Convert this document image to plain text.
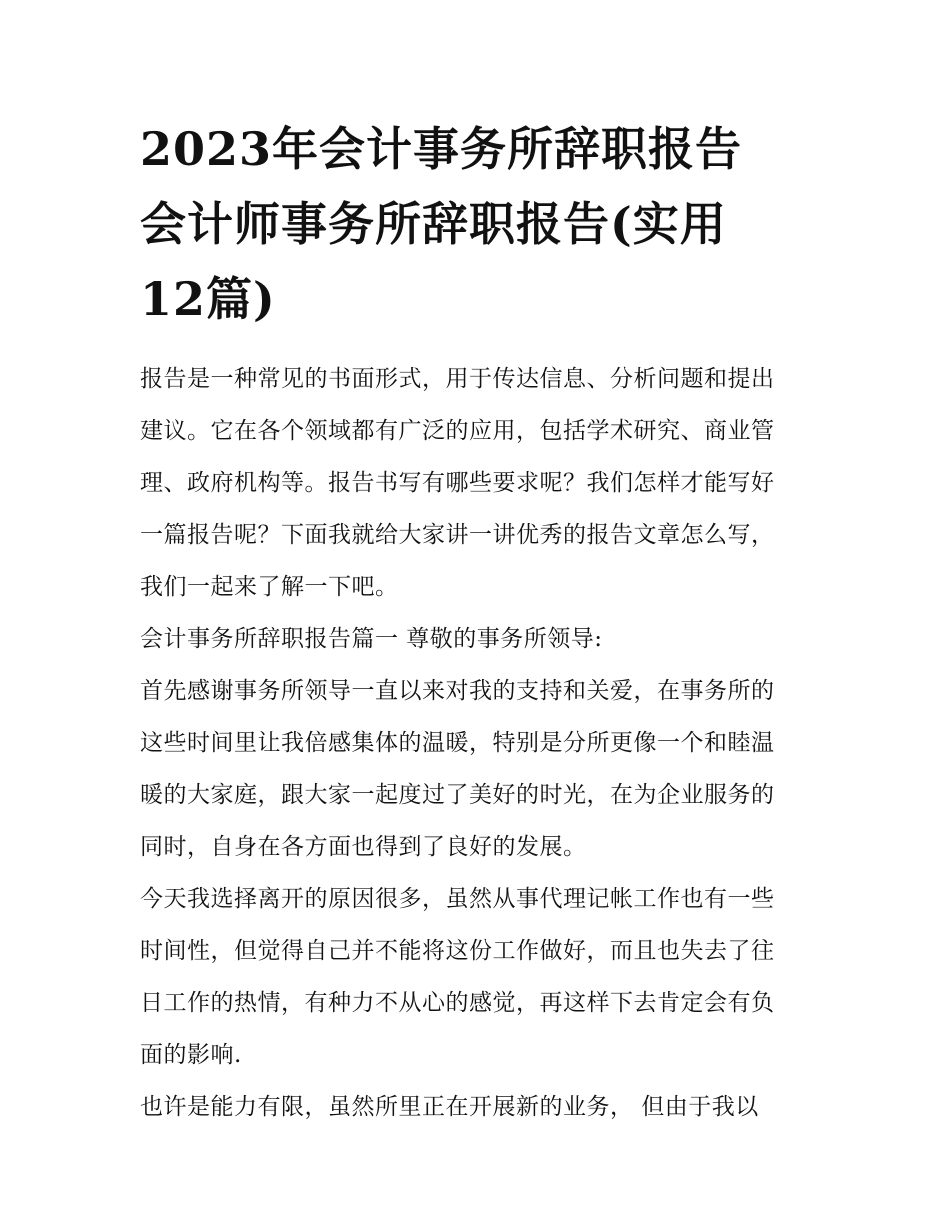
2023年会计事务所辞职报告
会计师事务所辞职报告(实用
12篇)

报告是一种常见的书面形式，用于传达信息、分析问题和提出
建议。它在各个领域都有广泛的应用，包括学术研究、商业管
理、政府机构等。报告书写有哪些要求呢？我们怎样才能写好
一篇报告呢？下面我就给大家讲一讲优秀的报告文章怎么写，
我们一起来了解一下吧。

会计事务所辞职报告篇一 尊敬的事务所领导:

首先感谢事务所领导一直以来对我的支持和关爱，在事务所的
这些时间里让我倍感集体的温暖，特别是分所更像一个和睦温
暖的大家庭，跟大家一起度过了美好的时光，在为企业服务的
同时，自身在各方面也得到了良好的发展。

今天我选择离开的原因很多，虽然从事代理记帐工作也有一些
时间性，但觉得自己并不能将这份工作做好，而且也失去了往
日工作的热情，有种力不从心的感觉，再这样下去肯定会有负
面的影响.

也许是能力有限，虽然所里正在开展新的业务， 但由于我以
